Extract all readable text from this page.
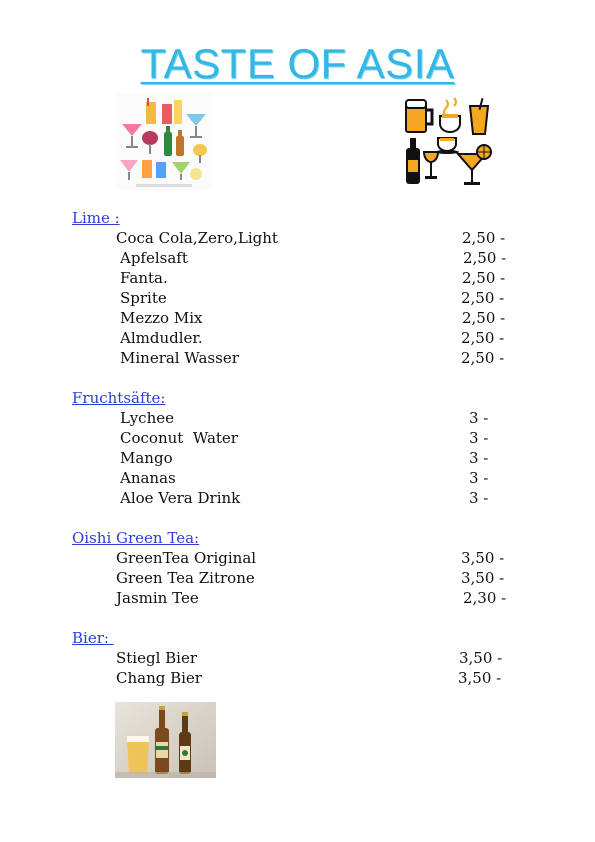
TASTE OF ASIA
Lime :
Coca Cola,Zero,Light	2,50 -
Apfelsaft	2,50 -
Fanta.	2,50 -
Sprite	2,50 -
Mezzo Mix	2,50 -
Almdudler.	2,50 -
Mineral Wasser	2,50 -
Fruchtsäfte:
Lychee	3 -
Coconut  Water	3 -
Mango	3 -
Ananas	3 -
Aloe Vera Drink	3 -
Oishi Green Tea:
GreenTea Original	3,50 -
Green Tea Zitrone	3,50 -
Jasmin Tee	2,30 -
Bier:
Stiegl Bier	3,50 -
Chang Bier	3,50 -
